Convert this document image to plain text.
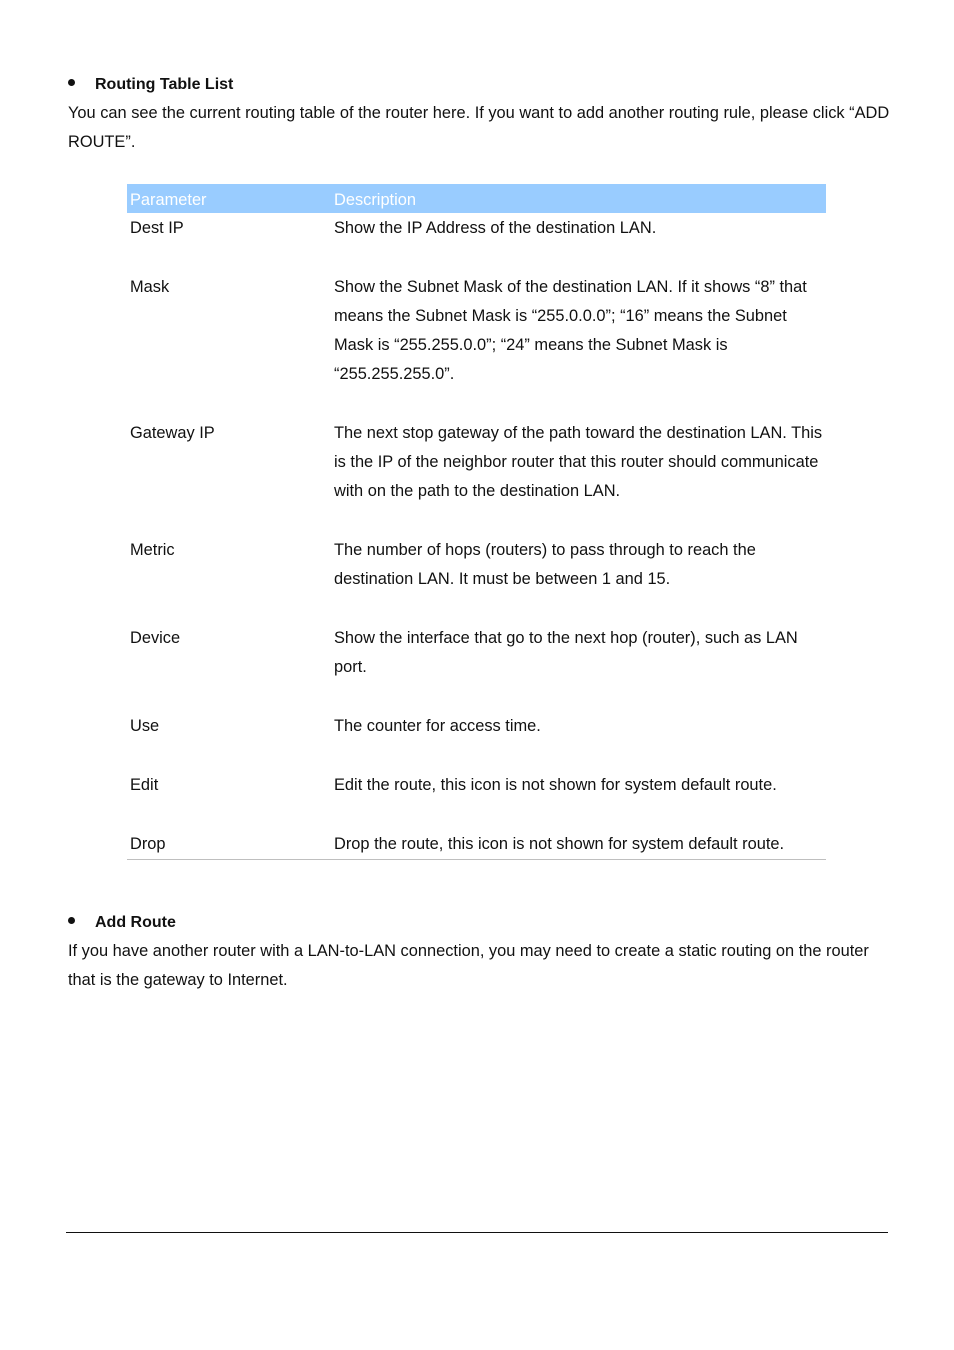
Routing Table List
You can see the current routing table of the router here. If you want to add another routing rule, please click “ADD ROUTE”.
Parameter	Description
Dest IP	Show the IP Address of the destination LAN.
Mask	Show the Subnet Mask of the destination LAN. If it shows “8” that means the Subnet Mask is “255.0.0.0”; “16” means the Subnet Mask is “255.255.0.0”; “24” means the Subnet Mask is “255.255.255.0”.
Gateway IP	The next stop gateway of the path toward the destination LAN. This is the IP of the neighbor router that this router should communicate with on the path to the destination LAN.
Metric	The number of hops (routers) to pass through to reach the destination LAN. It must be between 1 and 15.
Device	Show the interface that go to the next hop (router), such as LAN port.
Use	The counter for access time.
Edit	Edit the route, this icon is not shown for system default route.
Drop	Drop the route, this icon is not shown for system default route.
Add Route
If you have another router with a LAN-to-LAN connection, you may need to create a static routing on the router that is the gateway to Internet.
